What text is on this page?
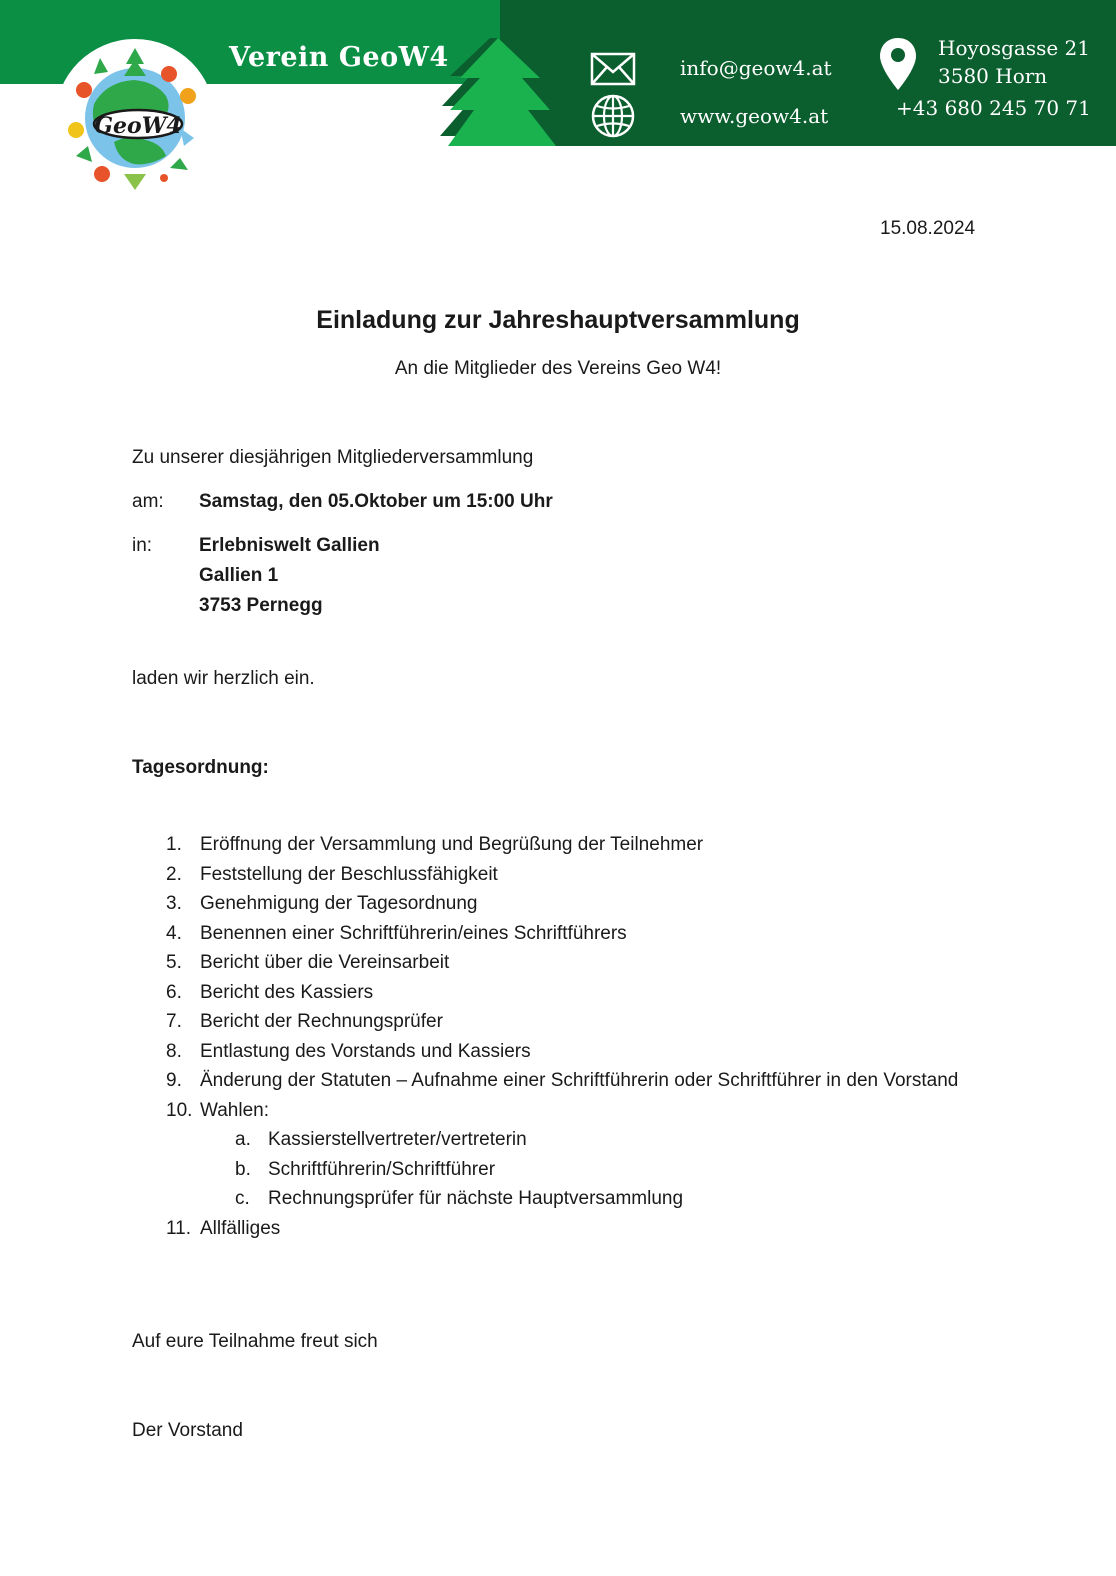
Verein GeoW4	info@geow4.at
www.geow4.at
Hoyosgasse 21
3580 Horn
+43 680 245 70 71
GeoW4
15.08.2024
Einladung zur Jahreshauptversammlung
An die Mitglieder des Vereins Geo W4!
Zu unserer diesjährigen Mitgliederversammlung
am: Samstag, den 05.Oktober um 15:00 Uhr
in: Erlebniswelt Gallien
Gallien 1
3753 Pernegg
laden wir herzlich ein.
Tagesordnung:
1. Eröffnung der Versammlung und Begrüßung der Teilnehmer
2. Feststellung der Beschlussfähigkeit
3. Genehmigung der Tagesordnung
4. Benennen einer Schriftführerin/eines Schriftführers
5. Bericht über die Vereinsarbeit
6. Bericht des Kassiers
7. Bericht der Rechnungsprüfer
8. Entlastung des Vorstands und Kassiers
9. Änderung der Statuten – Aufnahme einer Schriftführerin oder Schriftführer in den Vorstand
10. Wahlen:
a. Kassierstellvertreter/vertreterin
b. Schriftführerin/Schriftführer
c. Rechnungsprüfer für nächste Hauptversammlung
11. Allfälliges
Auf eure Teilnahme freut sich
Der Vorstand
